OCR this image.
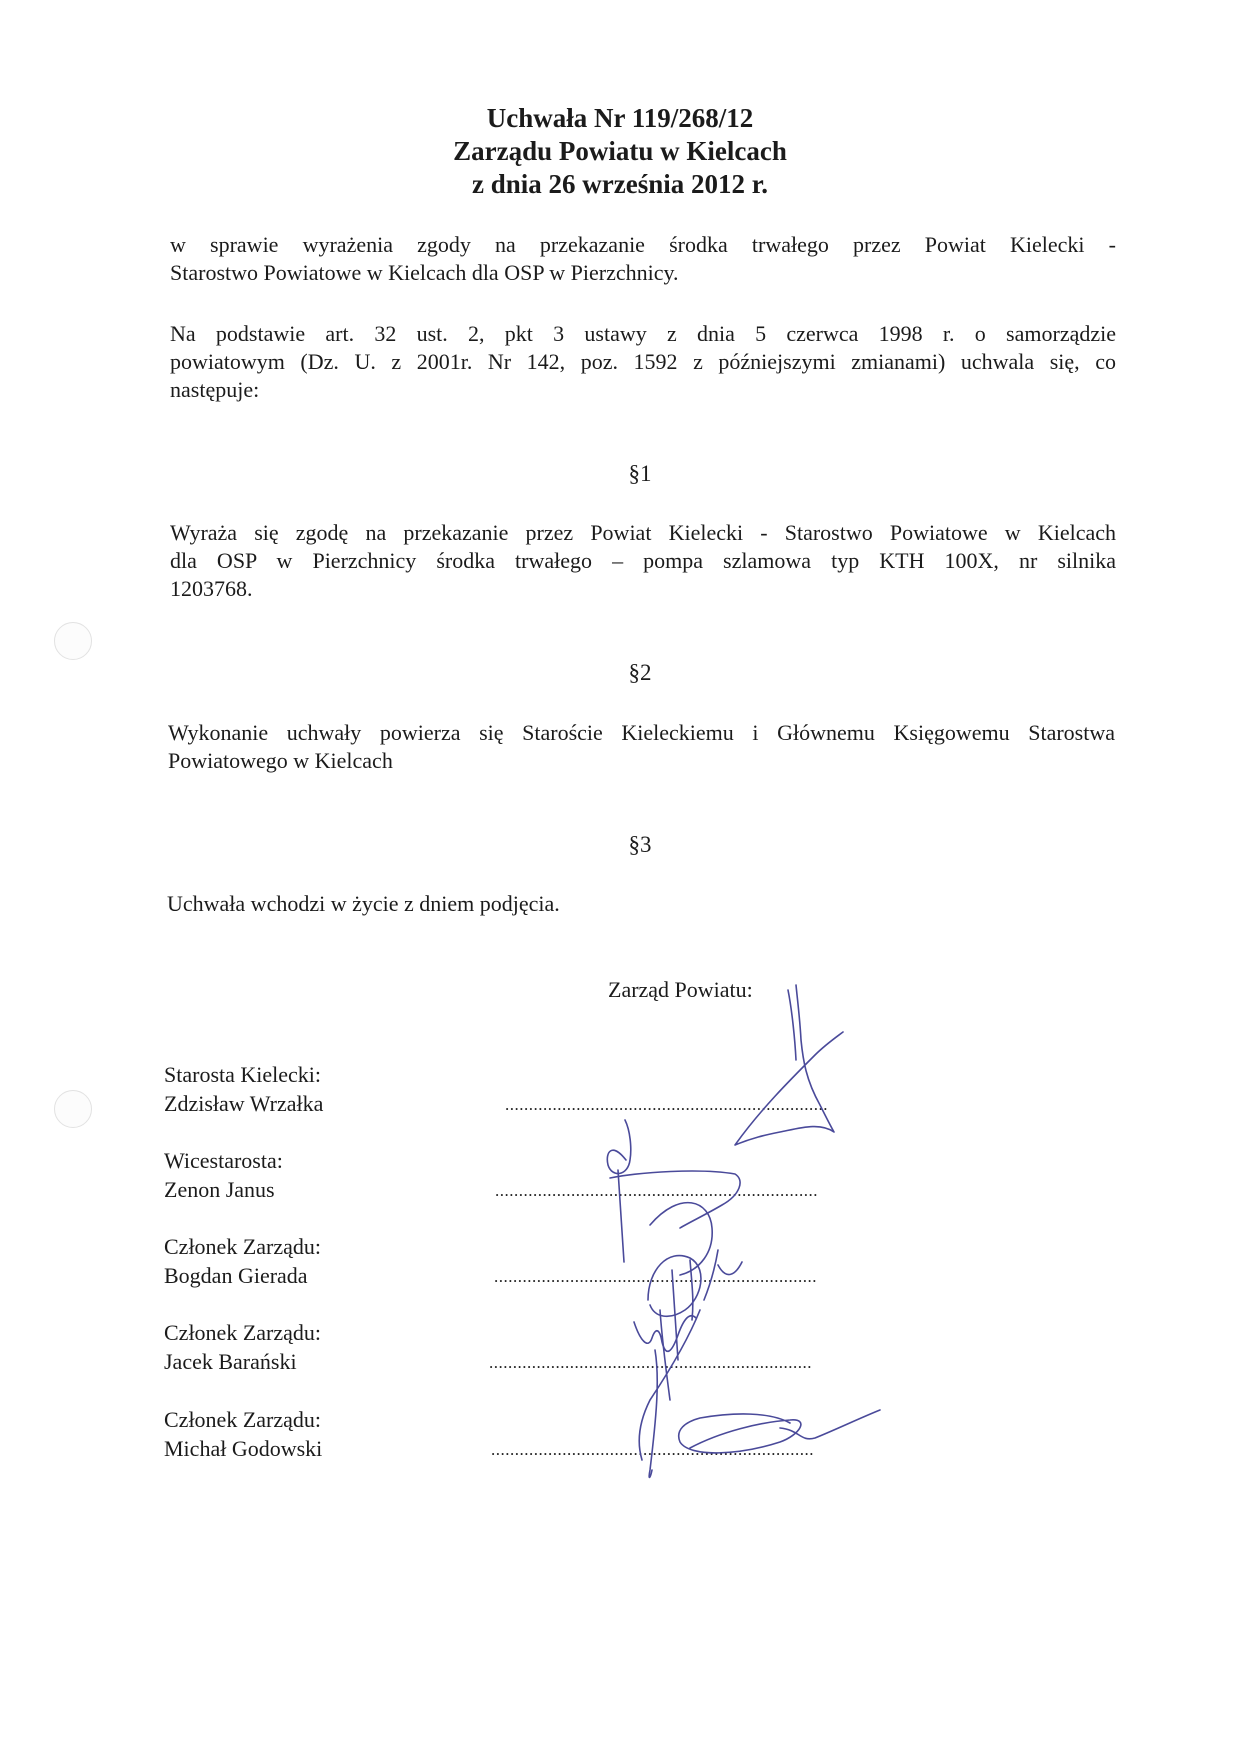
Uchwała Nr 119/268/12
Zarządu Powiatu w Kielcach
z dnia 26 września 2012 r.
w sprawie wyrażenia zgody na przekazanie środka trwałego przez Powiat Kielecki -
Starostwo Powiatowe w Kielcach dla OSP w Pierzchnicy.
Na podstawie art. 32 ust. 2, pkt 3 ustawy z dnia 5 czerwca 1998 r. o samorządzie
powiatowym (Dz. U. z 2001r. Nr 142, poz. 1592 z późniejszymi zmianami) uchwala się, co
następuje:
§1
Wyraża się zgodę na przekazanie przez Powiat Kielecki - Starostwo Powiatowe w Kielcach
dla OSP w Pierzchnicy środka trwałego – pompa szlamowa typ KTH 100X, nr silnika
1203768.
§2
Wykonanie uchwały powierza się Staroście Kieleckiemu i Głównemu Księgowemu Starostwa
Powiatowego w Kielcach
§3
Uchwała wchodzi w życie z dniem podjęcia.
Zarząd Powiatu:
Starosta Kielecki:
Zdzisław Wrzałka	....................................................................
Wicestarosta:
Zenon Janus	....................................................................
Członek Zarządu:
Bogdan Gierada	....................................................................
Członek Zarządu:
Jacek Barański	....................................................................
Członek Zarządu:
Michał Godowski	....................................................................
